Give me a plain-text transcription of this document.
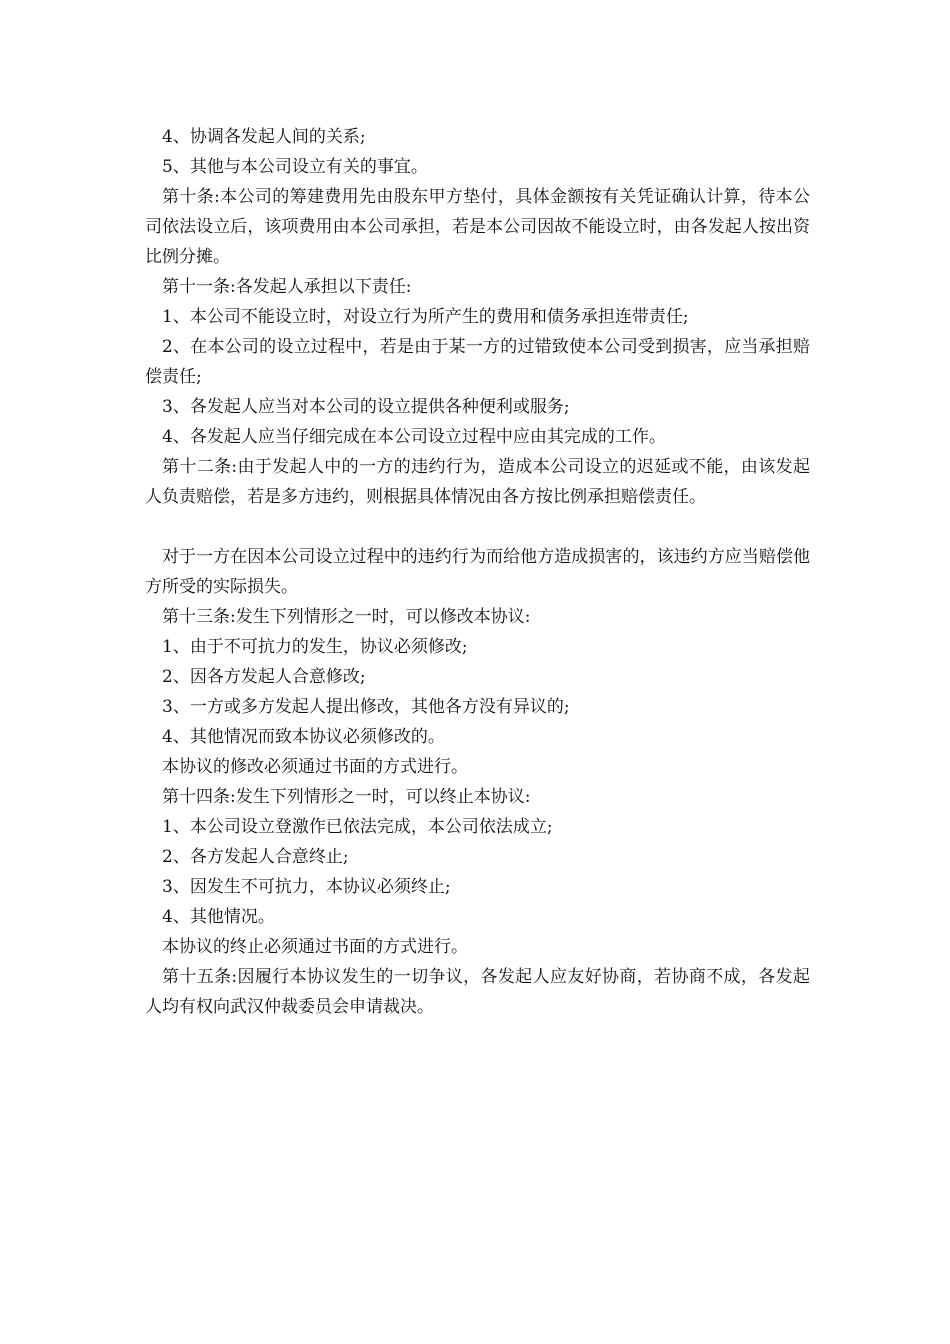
4、协调各发起人间的关系;

5、其他与本公司设立有关的事宜。

第十条:本公司的筹建费用先由股东甲方垫付，具体金额按有关凭证确认计算，待本公司依法设立后，该项费用由本公司承担，若是本公司因故不能设立时，由各发起人按出资比例分摊。

第十一条:各发起人承担以下责任:

1、本公司不能设立时，对设立行为所产生的费用和债务承担连带责任;

2、在本公司的设立过程中，若是由于某一方的过错致使本公司受到损害，应当承担赔偿责任;

3、各发起人应当对本公司的设立提供各种便利或服务;

4、各发起人应当仔细完成在本公司设立过程中应由其完成的工作。

第十二条:由于发起人中的一方的违约行为，造成本公司设立的迟延或不能，由该发起人负责赔偿，若是多方违约，则根据具体情况由各方按比例承担赔偿责任。

对于一方在因本公司设立过程中的违约行为而给他方造成损害的，该违约方应当赔偿他方所受的实际损失。

第十三条:发生下列情形之一时，可以修改本协议:

1、由于不可抗力的发生，协议必须修改;

2、因各方发起人合意修改;

3、一方或多方发起人提出修改，其他各方没有异议的;

4、其他情况而致本协议必须修改的。

本协议的修改必须通过书面的方式进行。

第十四条:发生下列情形之一时，可以终止本协议:

1、本公司设立登激作已依法完成，本公司依法成立;

2、各方发起人合意终止;

3、因发生不可抗力，本协议必须终止;

4、其他情况。

本协议的终止必须通过书面的方式进行。

第十五条:因履行本协议发生的一切争议，各发起人应友好协商，若协商不成，各发起人均有权向武汉仲裁委员会申请裁决。
